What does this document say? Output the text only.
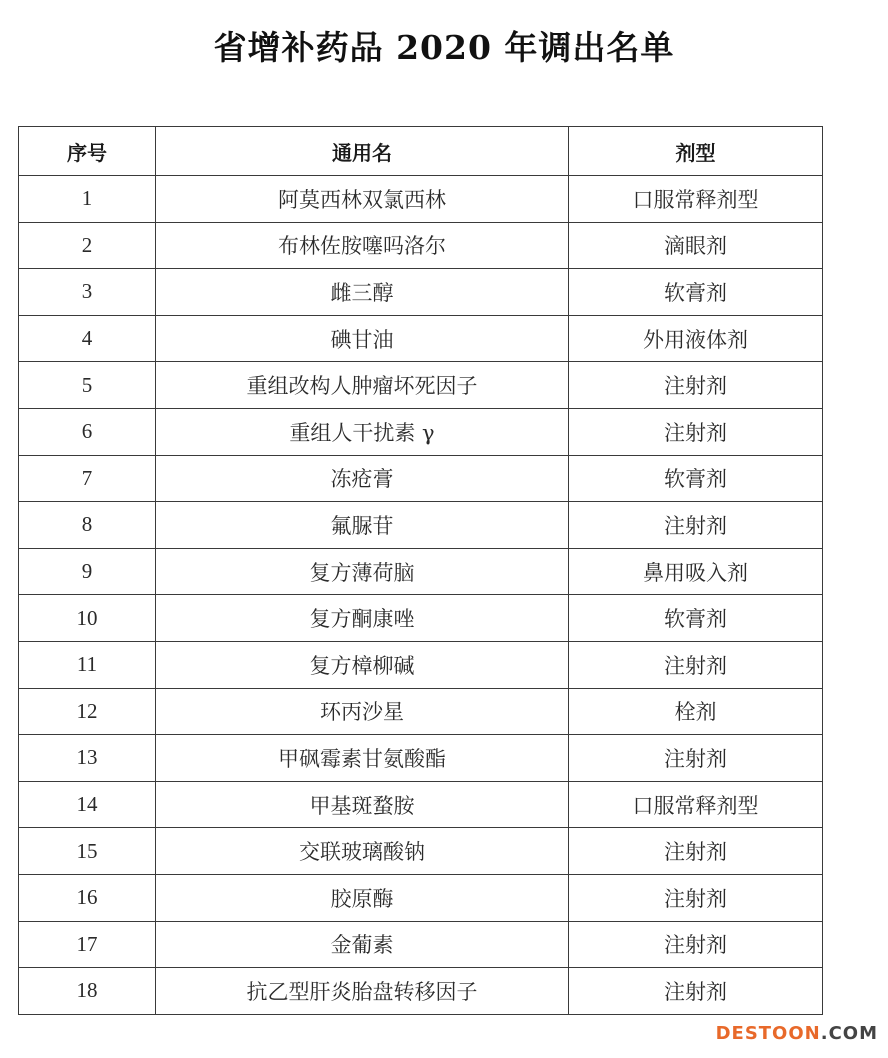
省增补药品 2020 年调出名单
序号	通用名	剂型
1	阿莫西林双氯西林	口服常释剂型
2	布林佐胺噻吗洛尔	滴眼剂
3	雌三醇	软膏剂
4	碘甘油	外用液体剂
5	重组改构人肿瘤坏死因子	注射剂
6	重组人干扰素 γ	注射剂
7	冻疮膏	软膏剂
8	氟脲苷	注射剂
9	复方薄荷脑	鼻用吸入剂
10	复方酮康唑	软膏剂
11	复方樟柳碱	注射剂
12	环丙沙星	栓剂
13	甲砜霉素甘氨酸酯	注射剂
14	甲基斑蝥胺	口服常释剂型
15	交联玻璃酸钠	注射剂
16	胶原酶	注射剂
17	金葡素	注射剂
18	抗乙型肝炎胎盘转移因子	注射剂
DESTOON.COM
